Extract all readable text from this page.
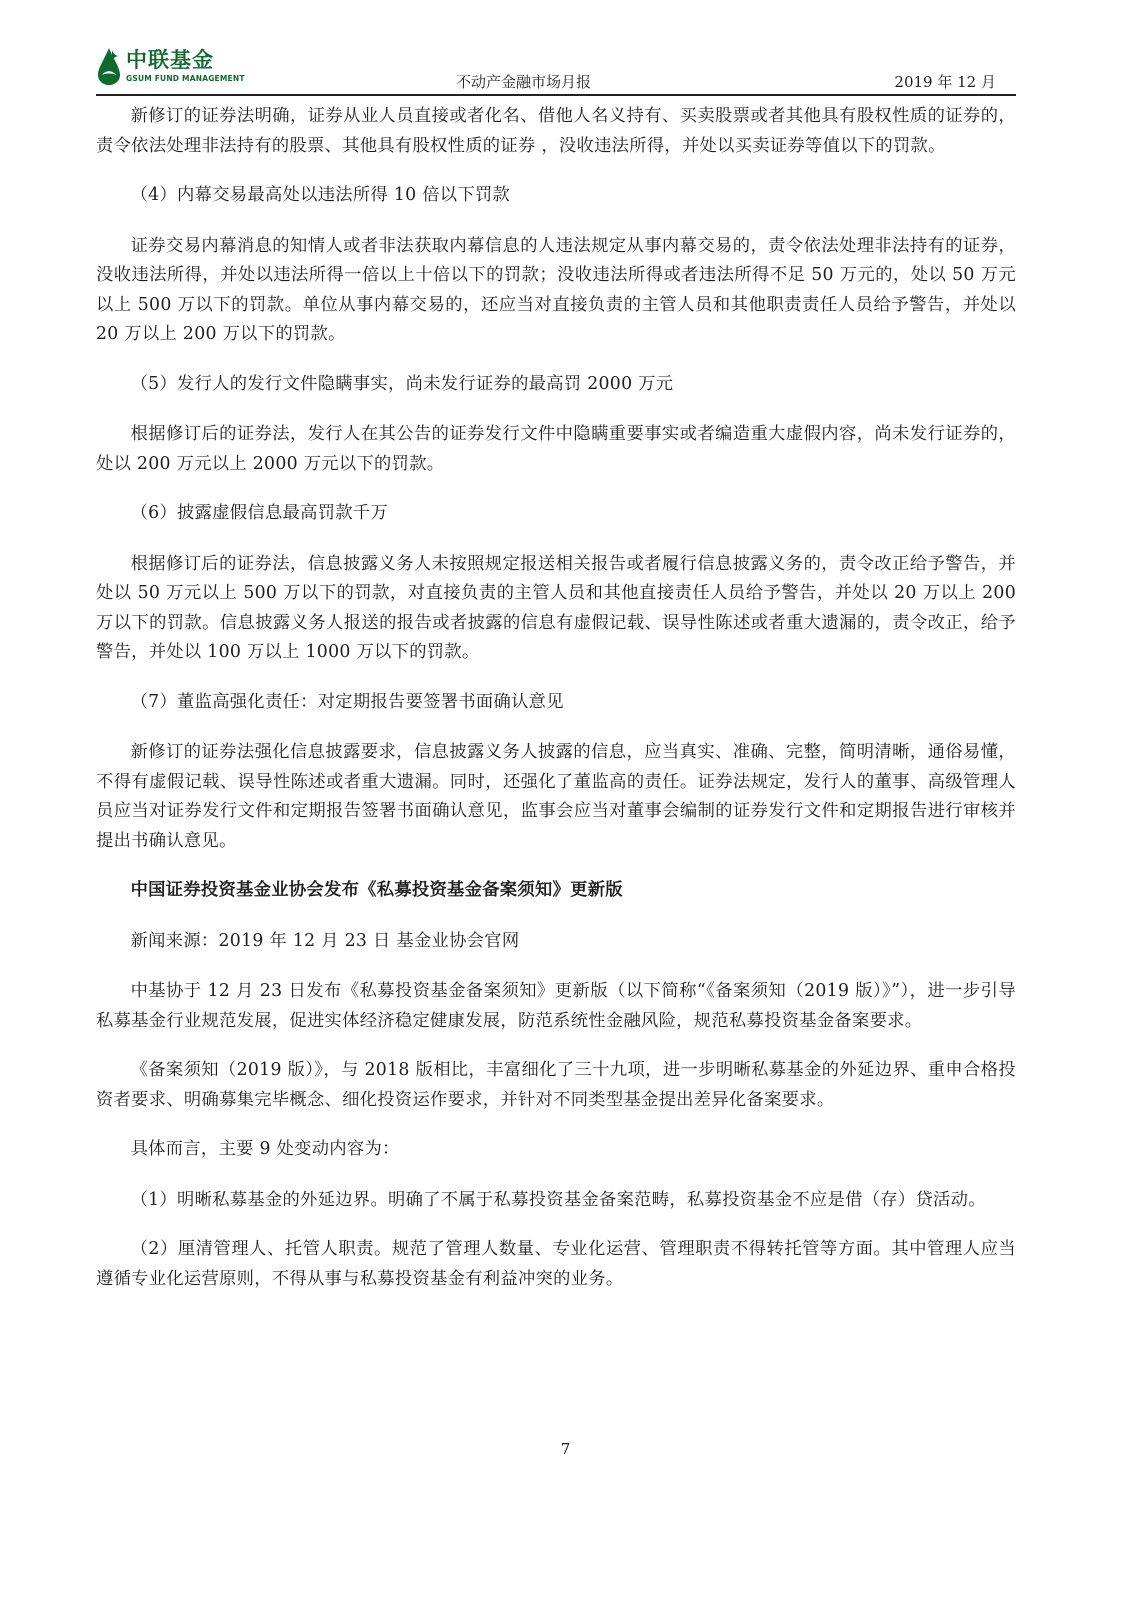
中联基金
GSUM FUND MANAGEMENT	不动产金融市场月报	2019 年 12 月

新修订的证券法明确，证券从业人员直接或者化名、借他人名义持有、买卖股票或者其他具有股权性质的证券的，责令依法处理非法持有的股票、其他具有股权性质的证券 ，没收违法所得，并处以买卖证券等值以下的罚款。

（4）内幕交易最高处以违法所得 10 倍以下罚款

证券交易内幕消息的知情人或者非法获取内幕信息的人违法规定从事内幕交易的，责令依法处理非法持有的证券，没收违法所得，并处以违法所得一倍以上十倍以下的罚款；没收违法所得或者违法所得不足 50 万元的，处以 50 万元以上 500 万以下的罚款。单位从事内幕交易的，还应当对直接负责的主管人员和其他职责责任人员给予警告，并处以 20 万以上 200 万以下的罚款。

（5）发行人的发行文件隐瞒事实，尚未发行证券的最高罚 2000 万元

根据修订后的证券法，发行人在其公告的证券发行文件中隐瞒重要事实或者编造重大虚假内容，尚未发行证券的，处以 200 万元以上 2000 万元以下的罚款。

（6）披露虚假信息最高罚款千万

根据修订后的证券法，信息披露义务人未按照规定报送相关报告或者履行信息披露义务的，责令改正给予警告，并处以 50 万元以上 500 万以下的罚款，对直接负责的主管人员和其他直接责任人员给予警告，并处以 20 万以上 200 万以下的罚款。信息披露义务人报送的报告或者披露的信息有虚假记载、误导性陈述或者重大遗漏的，责令改正，给予警告，并处以 100 万以上 1000 万以下的罚款。

（7）董监高强化责任：对定期报告要签署书面确认意见

新修订的证券法强化信息披露要求，信息披露义务人披露的信息，应当真实、准确、完整，简明清晰，通俗易懂，不得有虚假记载、误导性陈述或者重大遗漏。同时，还强化了董监高的责任。证券法规定，发行人的董事、高级管理人员应当对证券发行文件和定期报告签署书面确认意见，监事会应当对董事会编制的证券发行文件和定期报告进行审核并提出书确认意见。

中国证券投资基金业协会发布《私募投资基金备案须知》更新版

新闻来源：2019 年 12 月 23 日 基金业协会官网

中基协于 12 月 23 日发布《私募投资基金备案须知》更新版（以下简称“《备案须知（2019 版）》”），进一步引导私募基金行业规范发展，促进实体经济稳定健康发展，防范系统性金融风险，规范私募投资基金备案要求。

《备案须知（2019 版）》，与 2018 版相比，丰富细化了三十九项，进一步明晰私募基金的外延边界、重申合格投资者要求、明确募集完毕概念、细化投资运作要求，并针对不同类型基金提出差异化备案要求。

具体而言，主要 9 处变动内容为：

（1）明晰私募基金的外延边界。明确了不属于私募投资基金备案范畴，私募投资基金不应是借（存）贷活动。

（2）厘清管理人、托管人职责。规范了管理人数量、专业化运营、管理职责不得转托管等方面。其中管理人应当遵循专业化运营原则，不得从事与私募投资基金有利益冲突的业务。

7
